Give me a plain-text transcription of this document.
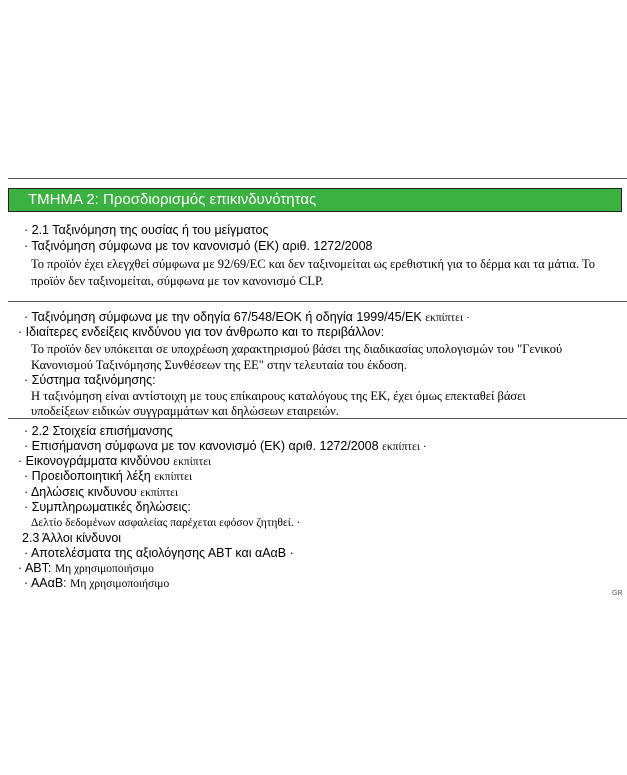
ΤΜΗΜΑ 2: Προσδιορισμός επικινδυνότητας
· 2.1 Ταξινόμηση της ουσίας ή του μείγματος
· Ταξινόμηση σύμφωνα με τον κανονισμό (ΕΚ) αριθ. 1272/2008
Το προϊόν έχει ελεγχθεί σύμφωνα με 92/69/EC και δεν ταξινομείται ως ερεθιστική για το δέρμα και τα μάτια. Το
προϊόν δεν ταξινομείται, σύμφωνα με τον κανονισμό CLP.
· Ταξινόμηση σύμφωνα με την οδηγία 67/548/ΕΟΚ ή οδηγία 1999/45/ΕΚ εκπίπτει ·
· Ιδιαίτερες ενδείξεις κινδύνου για τον άνθρωπο και το περιβάλλον:
Το προϊόν δεν υπόκειται σε υποχρέωση χαρακτηρισμού βάσει της διαδικασίας υπολογισμών του "Γενικού
Κανονισμού Ταξινόμησης Συνθέσεων της ΕΕ" στην τελευταία του έκδοση.
· Σύστημα ταξινόμησης:
Η ταξινόμηση είναι αντίστοιχη με τους επίκαιρους καταλόγους της ΕΚ, έχει όμως επεκταθεί βάσει
υποδείξεων ειδικών συγγραμμάτων και δηλώσεων εταιρειών.
· 2.2 Στοιχεία επισήμανσης
· Επισήμανση σύμφωνα με τον κανονισμό (ΕΚ) αριθ. 1272/2008 εκπίπτει ·
· Εικονογράμματα κινδύνου εκπίπτει
· Προειδοποιητική λέξη εκπίπτει
· Δηλώσεις κινδυνου εκπίπτει
· Συμπληρωματικές δηλώσεις:
Δελτίο δεδομένων ασφαλείας παρέχεται εφόσον ζητηθεί. ·
2.3 Άλλοι κίνδυνοι
· Αποτελέσματα της αξιολόγησης ΑΒΤ και αΑαΒ ·
· ΑΒΤ: Μη χρησιμοποιήσιμο
· ΑΑαΒ: Μη χρησιμοποιήσιμο
GR
